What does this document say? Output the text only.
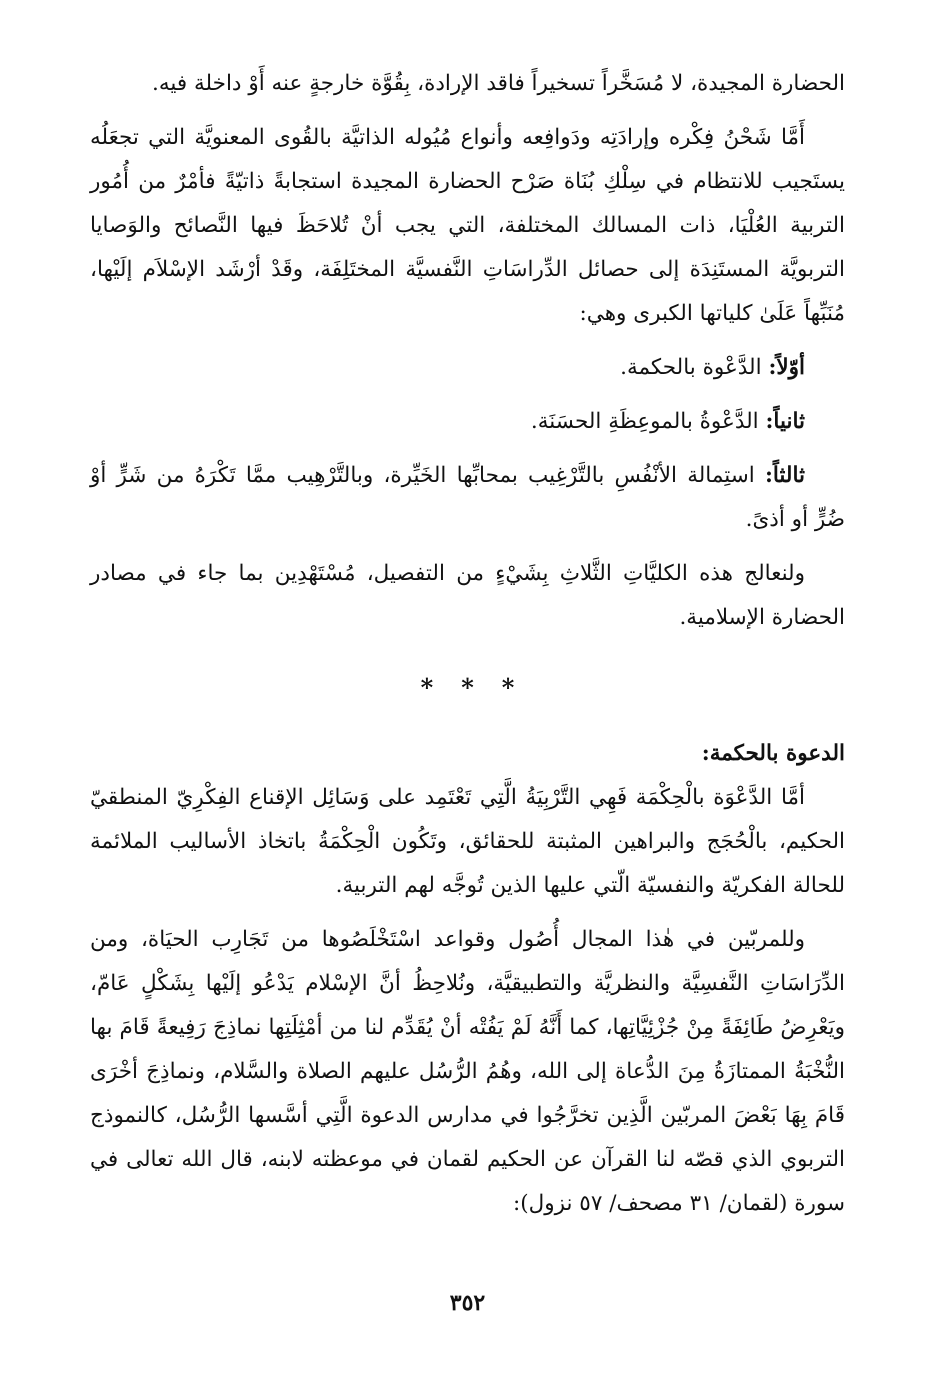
الحضارة المجيدة، لا مُسَخَّراً تسخيراً فاقد الإرادة، بِقُوَّة خارجةٍ عنه أَوْ داخلة فيه.

أَمَّا شَحْنُ فِكْره وإرادَتِه ودَوافِعه وأنواع مُيُوله الذاتيَّة بالقُوى المعنويَّة التي تجعَلُه يستَجيب للانتظام في سِلْكِ بُنَاة صَرْح الحضارة المجيدة استجابةً ذاتيّةً فأمْرٌ من أُمُور التربية العُلْيَا، ذات المسالك المختلفة، التي يجب أنْ تُلاحَظَ فيها النَّصائح والوَصايا التربويَّة المستَنِدَة إلى حصائل الدِّراسَاتِ النَّفسيَّة المختَلِفَة، وقَدْ أرْشَد الإسْلاَم إلَيْها، مُنَبِّهاً عَلَىٰ كلياتها الكبرى وهي:

أوّلاً: الدَّعْوة بالحكمة.

ثانياً: الدَّعْوةُ بالموعِظَةِ الحسَنَة.

ثالثاً: استِمالة الأنْفُسِ بالتَّرْغِيب بمحابِّها الخَيِّرة، وبالتَّرْهِيب ممَّا تَكْرَهُ من شَرٍّ أوْ ضُرٍّ أو أذىً.

ولنعالج هذه الكليَّاتِ الثَّلاثِ بِشَيْءٍ من التفصيل، مُسْتَهْدِين بما جاء في مصادر الحضارة الإسلامية.

* * *

الدعوة بالحكمة:

أمَّا الدَّعْوَة بالْحِكْمَة فَهِي التَّرْبِيَةُ الَّتِي تَعْتَمِد على وَسَائِل الإقناع الفِكْرِيّ المنطقيّ الحكيم، بالْحُجَج والبراهين المثبتة للحقائق، وتَكُون الْحِكْمَةُ باتخاذ الأساليب الملائمة للحالة الفكريّة والنفسيّة الّتي عليها الذين تُوجَّه لهم التربية.

وللمربّين في هٰذا المجال أُصُول وقواعد اسْتَخْلَصُوها من تَجَارِب الحيَاة، ومن الدِّرَاسَاتِ النَّفسِيَّة والنظريَّة والتطبيقيَّة، ونُلاحِظُ أنَّ الإسْلام يَدْعُو إلَيْها بِشَكْلٍ عَامّ، ويَعْرِضُ طَائِفَةً مِنْ جُزْئِيَّاتِها، كما أَنَّهُ لَمْ يَفُتْه أنْ يُقَدِّم لنا من أمْثِلَتِها نماذِجَ رَفِيعةً قَامَ بها النُّخْبَةُ الممتازَةُ مِنَ الدُّعاة إلى الله، وهُمُ الرُّسُل عليهم الصلاة والسَّلام، ونماذِجَ أخْرَى قَامَ بِهَا بَعْضَ المربّين الَّذِين تخرَّجُوا في مدارس الدعوة الَّتِي أسَّسها الرُّسُل، كالنموذج التربوي الذي قصّه لنا القرآن عن الحكيم لقمان في موعظته لابنه، قال الله تعالى في سورة (لقمان/ ٣١ مصحف/ ٥٧ نزول):

٣٥٢
